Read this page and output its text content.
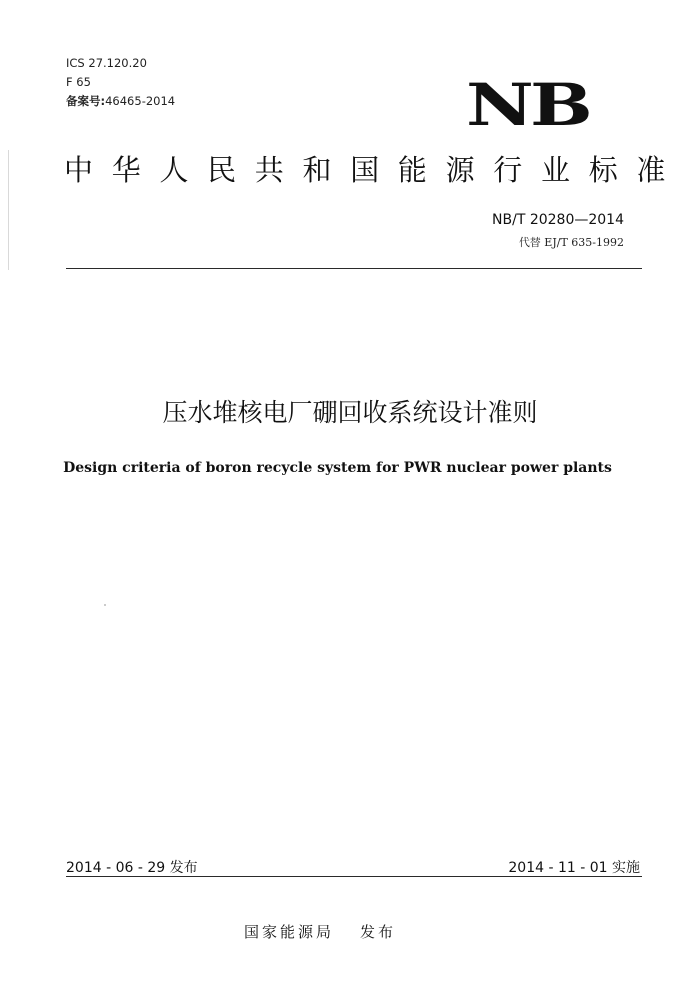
ICS 27.120.20
F 65
备案号:46465-2014	NB
中华人民共和国能源行业标准
NB/T 20280—2014
代替 EJ/T 635-1992
压水堆核电厂硼回收系统设计准则
Design criteria of boron recycle system for PWR nuclear power plants
2014 - 06 - 29 发布	2014 - 11 - 01 实施
国家能源局 发布
